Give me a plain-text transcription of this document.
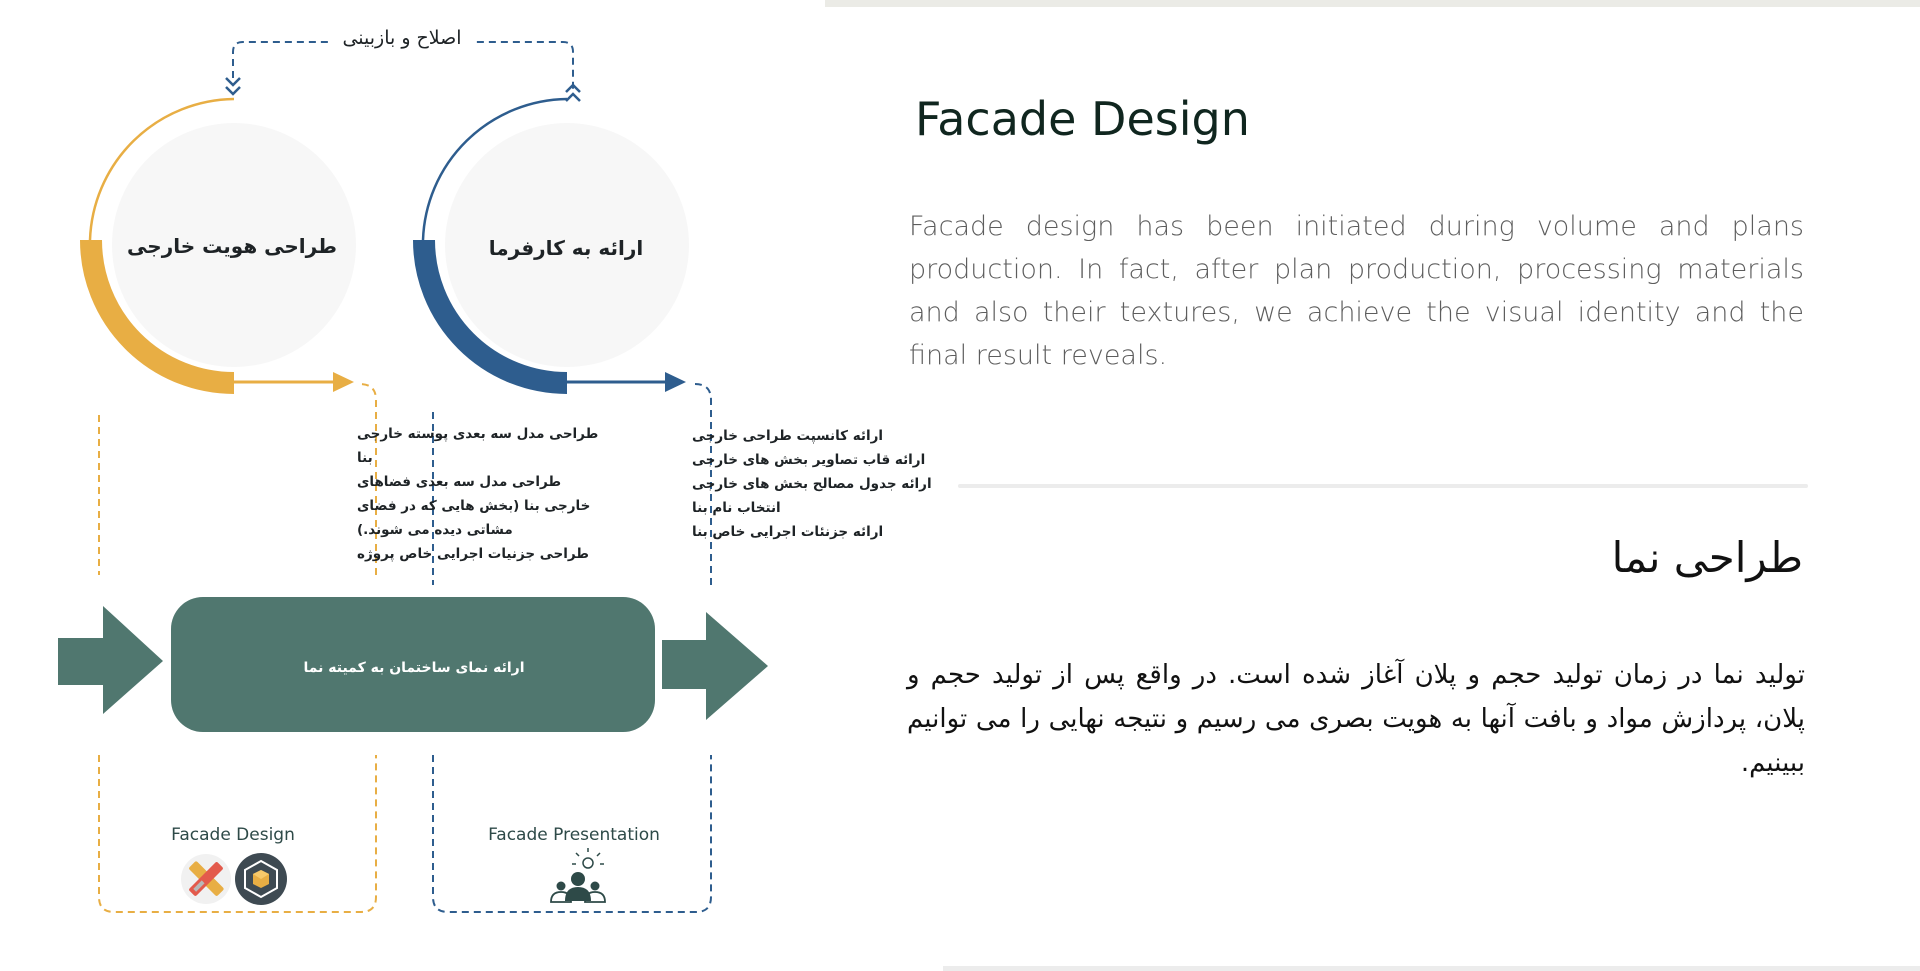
اصلاح و بازبینی
طراحی هویت خارجی	ارائه به کارفرما
طراحی مدل سه بعدی پوسته خارجی
بنا
طراحی مدل سه بعدی فضاهای
خارجی بنا (بخش هایی که در فضای
مشاتی دیده می شوند.)
طراحی جزنیات اجرایی خاص پروژه
ارائه کانسپت طراحی خارجی
ارائه قاب تصاویر بخش های خارجی
ارائه جدول مصالح بخش های خارجی
انتخاب نام بنا
ارائه جزنئات اجرایی خاص بنا
ارائه نمای ساختمان به کمیته نما
Facade Design	Facade Presentation
Facade Design

Facade design has been initiated during volume and plans production. In fact, after plan production, processing materials and also their textures, we achieve the visual identity and the final result reveals.

طراحی نما

تولید نما در زمان تولید حجم و پلان آغاز شده است. در واقع پس از تولید حجم و پلان، پردازش مواد و بافت آنها به هویت بصری می رسیم و نتیجه نهایی را می توانیم ببینیم.
